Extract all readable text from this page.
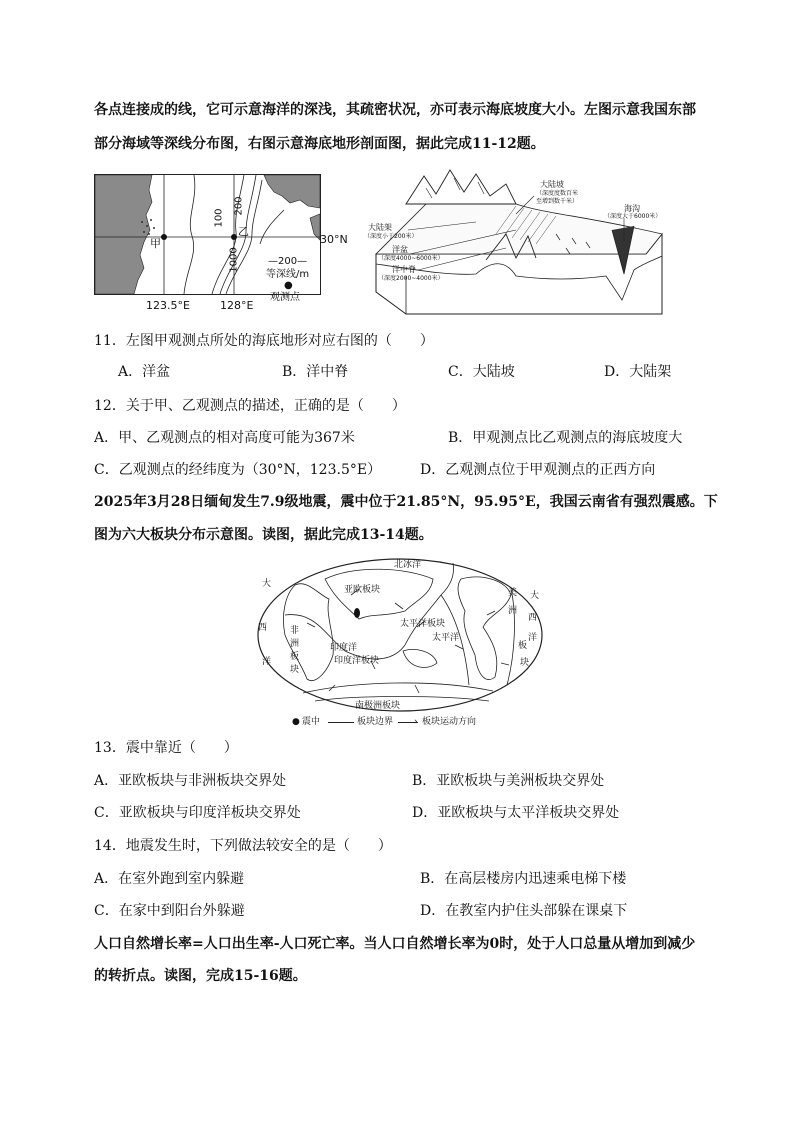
各点连接成的线，它可示意海洋的深浅，其疏密状况，亦可表示海底坡度大小。左图示意我国东部
部分海域等深线分布图，右图示意海底地形剖面图，据此完成11-12题。
100
200
1000
30°N
123.5°E	128°E
甲
乙
—200—
等深线/m
●
观测点
大陆架
（深度小于200米）
大陆坡
（深度度数百米
至增到数千米）
海沟
（深度大于6000米）
洋盆
（深度4000~6000米）
洋中脊
（深度2000~4000米）
11．左图甲观测点所处的海底地形对应右图的（　　）
A．洋盆	B．洋中脊	C．大陆坡	D．大陆架
12．关于甲、乙观测点的描述，正确的是（　　）
A．甲、乙观测点的相对高度可能为367米	B．甲观测点比乙观测点的海底坡度大
C．乙观测点的经纬度为（30°N，123.5°E）	D．乙观测点位于甲观测点的正西方向
2025年3月28日缅甸发生7.9级地震，震中位于21.85°N，95.95°E，我国云南省有强烈震感。下
图为六大板块分布示意图。读图，据此完成13-14题。
北冰洋
亚欧板块
太平洋板块
太平洋
印度洋
印度洋板块
非
洲
板
块
美
洲
板
块
南极洲板块
大
西
洋
大
西
洋
● 震中	板块边界 › 板块运动方向
13．震中靠近（　　）
A．亚欧板块与非洲板块交界处	B．亚欧板块与美洲板块交界处
C．亚欧板块与印度洋板块交界处	D．亚欧板块与太平洋板块交界处
14．地震发生时，下列做法较安全的是（　　）
A．在室外跑到室内躲避	B．在高层楼房内迅速乘电梯下楼
C．在家中到阳台外躲避	D．在教室内护住头部躲在课桌下
人口自然增长率=人口出生率-人口死亡率。当人口自然增长率为0时，处于人口总量从增加到减少
的转折点。读图，完成15-16题。
